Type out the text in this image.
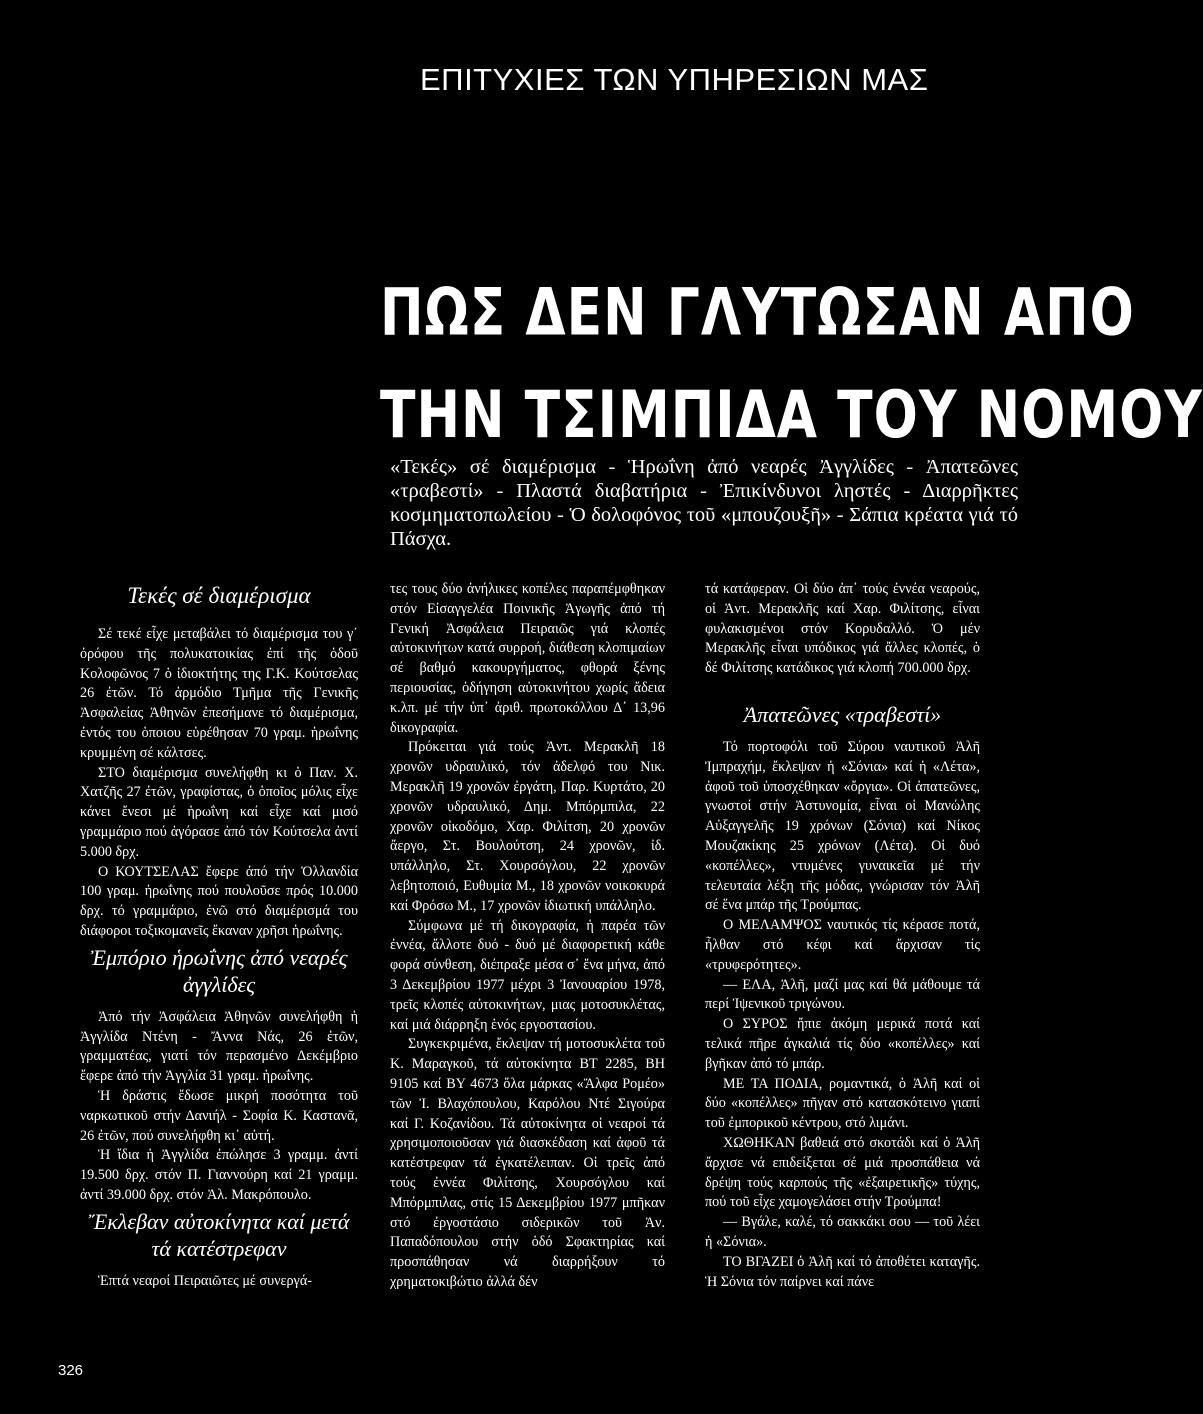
ΕΠΙΤΥΧΙΕΣ ΤΩΝ ΥΠΗΡΕΣΙΩΝ ΜΑΣ
ΠΩΣ ΔΕΝ ΓΛΥΤΩΣΑΝ ΑΠΟ
ΤΗΝ ΤΣΙΜΠΙΔΑ ΤΟΥ ΝΟΜΟΥ
«Τεκές» σέ διαμέρισμα - Ἡρωΐνη ἀπό νεαρές Ἀγγλίδες - Ἀπατεῶνες «τραβεστί» - Πλαστά διαβατήρια - Ἐπικίνδυνοι ληστές - Διαρρῆκτες κοσμηματοπωλείου - Ὁ δολοφόνος τοῦ «μπουζουξῆ» - Σάπια κρέατα γιά τό Πάσχα.
Τεκές σέ διαμέρισμα

Σέ τεκέ εἶχε μεταβάλει τό διαμέρισμα του γ΄ ὀρόφου τῆς πολυκατοικίας ἐπί τῆς ὁδοῦ Κολοφῶνος 7 ὁ ἰδιοκτήτης της Γ.Κ. Κούτσελας 26 ἐτῶν. Τό ἁρμόδιο Τμῆμα τῆς Γενικῆς Ἀσφαλείας Ἀθηνῶν ἐπεσήμανε τό διαμέρισμα, ἐντός του ὁποιου εὑρέθησαν 70 γραμ. ἡρωΐνης κρυμμένη σέ κάλτσες.

ΣΤΟ διαμέρισμα συνελήφθη κι ὁ Παν. Χ. Χατζῆς 27 ἐτῶν, γραφίστας, ὁ ὁποῖος μόλις εἶχε κάνει ἔνεσι μέ ἡρωΐνη καί εἶχε καί μισό γραμμάριο πού ἀγόρασε ἀπό τόν Κούτσελα ἀντί 5.000 δρχ.

Ο ΚΟΥΤΣΕΛΑΣ ἔφερε ἀπό τήν Ὁλλανδία 100 γραμ. ἡρωΐνης πού πουλοῦσε πρός 10.000 δρχ. τό γραμμάριο, ἐνῶ στό διαμέρισμά του διάφοροι τοξικομανεῖς ἔκαναν χρῆσι ἡρωΐνης.

Ἐμπόριο ἡρωΐνης ἀπό νεαρές ἀγγλίδες

Ἀπό τήν Ἀσφάλεια Ἀθηνῶν συνελήφθη ἡ Ἀγγλίδα Ντένη - Ἄννα Νάς, 26 ἐτῶν, γραμματέας, γιατί τόν περασμένο Δεκέμβριο ἔφερε ἀπό τήν Ἀγγλία 31 γραμ. ἡρωΐνης.

Ἡ δράστις ἔδωσε μικρή ποσότητα τοῦ ναρκωτικοῦ στήν Δανιήλ - Σοφία Κ. Καστανᾶ, 26 ἐτῶν, πού συνελήφθη κι᾿ αὐτή.

Ἡ ἴδια ἡ Ἀγγλίδα ἐπώλησε 3 γραμμ. ἀντί 19.500 δρχ. στόν Π. Γιαννούρη καί 21 γραμμ. ἀντί 39.000 δρχ. στόν Ἀλ. Μακρόπουλο.

Ἔκλεβαν αὐτοκίνητα καί μετά τά κατέστρεφαν

Ἑπτά νεαροί Πειραιῶτες μέ συνεργά-

τες τους δύο ἀνήλικες κοπέλες παραπέμφθηκαν στόν Εἰσαγγελέα Ποινικῆς Ἀγωγῆς ἀπό τή Γενική Ἀσφάλεια Πειραιῶς γιά κλοπές αὐτοκινήτων κατά συρροή, διάθεση κλοπιμαίων σέ βαθμό κακουργήματος, φθορά ξένης περιουσίας, ὁδήγηση αὐτοκινήτου χωρίς ἄδεια κ.λπ. μέ τήν ὑπ᾿ ἀριθ. πρωτοκόλλου Δ᾿ 13,96 δικογραφία.

Πρόκειται γιά τούς Ἀντ. Μερακλῆ 18 χρονῶν υδραυλικό, τόν ἀδελφό του Νικ. Μερακλῆ 19 χρονῶν ἐργάτη, Παρ. Κυρτάτο, 20 χρονῶν υδραυλικό, Δημ. Μπόρμπιλα, 22 χρονῶν οἰκοδόμο, Χαρ. Φιλίτση, 20 χρονῶν ἄεργο, Στ. Βουλούτση, 24 χρονῶν, ἰδ. υπάλληλο, Στ. Χουρσόγλου, 22 χρονῶν λεβητοποιό, Ευθυμία Μ., 18 χρονῶν νοικοκυρά καί Φρόσω Μ., 17 χρονῶν ἰδιωτική υπάλληλο.

Σύμφωνα μέ τή δικογραφία, ἡ παρέα τῶν ἐννέα, ἄλλοτε δυό - δυό μέ διαφορετική κάθε φορά σύνθεση, διέπραξε μέσα σ᾿ ἕνα μήνα, ἀπό 3 Δεκεμβρίου 1977 μέχρι 3 Ἰανουαρίου 1978, τρεῖς κλοπές αὐτοκινήτων, μιας μοτοσυκλέτας, καί μιά διάρρηξη ἑνός εργοστασίου.

Συγκεκριμένα, ἔκλεψαν τή μοτοσυκλέτα τοῦ Κ. Μαραγκοῦ, τά αὐτοκίνητα ΒΤ 2285, ΒΗ 9105 καί ΒΥ 4673 ὅλα μάρκας «Ἄλφα Ρομέο» τῶν Ἰ. Βλαχόπουλου, Καρόλου Ντέ Σιγούρα καί Γ. Κοζανίδου. Τά αὐτοκίνητα οἱ νεαροί τά χρησιμοποιοῦσαν γιά διασκέδαση καί ἀφοῦ τά κατέστρεφαν τά ἐγκατέλειπαν. Οἱ τρεῖς ἀπό τούς ἐννέα Φιλίτσης, Χουρσόγλου καί Μπόρμπιλας, στίς 15 Δεκεμβρίου 1977 μπῆκαν στό ἐργοστάσιο σιδερικῶν τοῦ Ἀν. Παπαδόπουλου στήν ὁδό Σφακτηρίας καί προσπάθησαν νά διαρρήξουν τό χρηματοκιβώτιο ἀλλά δέν

τά κατάφεραν. Οἱ δύο ἀπ᾿ τούς ἐννέα νεαρούς, οἱ Ἀντ. Μερακλῆς καί Χαρ. Φιλίτσης, εἶναι φυλακισμένοι στόν Κορυδαλλό. Ὁ μέν Μερακλῆς εἶναι υπόδικος γιά ἄλλες κλοπές, ὁ δέ Φιλίτσης κατάδικος γιά κλοπή 700.000 δρχ.

Ἀπατεῶνες «τραβεστί»

Τό πορτοφόλι τοῦ Σύρου ναυτικοῦ Ἀλῆ Ἰμπραχήμ, ἔκλεψαν ἡ «Σόνια» καί ἡ «Λέτα», ἀφοῦ τοῦ ὑποσχέθηκαν «ὄργια». Οἱ ἀπατεῶνες, γνωστοί στήν Ἀστυνομία, εἶναι οἱ Μανώλης Αὐξαγγελῆς 19 χρόνων (Σόνια) καί Νίκος Μουζακίκης 25 χρόνων (Λέτα). Οἱ δυό «κοπέλλες», ντυμένες γυναικεῖα μέ τήν τελευταία λέξη τῆς μόδας, γνώρισαν τόν Ἀλῆ σέ ἕνα μπάρ τῆς Τρούμπας.

Ο ΜΕΛΑΜΨΟΣ ναυτικός τίς κέρασε ποτά, ἦλθαν στό κέφι καί ἄρχισαν τίς «τρυφερότητες».

— ΕΛΑ, Ἀλῆ, μαζί μας καί θά μάθουμε τά περί Ἰψενικοῦ τριγώνου.

Ο ΣΥΡΟΣ ἤπιε ἀκόμη μερικά ποτά καί τελικά πῆρε ἀγκαλιά τίς δύο «κοπέλλες» καί βγῆκαν ἀπό τό μπάρ.

ΜΕ ΤΑ ΠΟΔΙΑ, ρομαντικά, ὁ Ἀλῆ καί οἱ δύο «κοπέλλες» πῆγαν στό κατασκότεινο γιαπί τοῦ ἐμπορικοῦ κέντρου, στό λιμάνι.

ΧΩΘΗΚΑΝ βαθειά στό σκοτάδι καί ὁ Ἀλῆ ἄρχισε νά επιδείξεται σέ μιά προσπάθεια νά δρέψη τούς καρπούς τῆς «ἐξαιρετικῆς» τύχης, πού τοῦ εἶχε χαμογελάσει στήν Τρούμπα!

— Βγάλε, καλέ, τό σακκάκι σου — τοῦ λέει ἡ «Σόνια».

ΤΟ ΒΓΑΖΕΙ ὁ Ἀλῆ καί τό ἀποθέτει καταγῆς. Ἡ Σόνια τόν παίρνει καί πάνε

326
